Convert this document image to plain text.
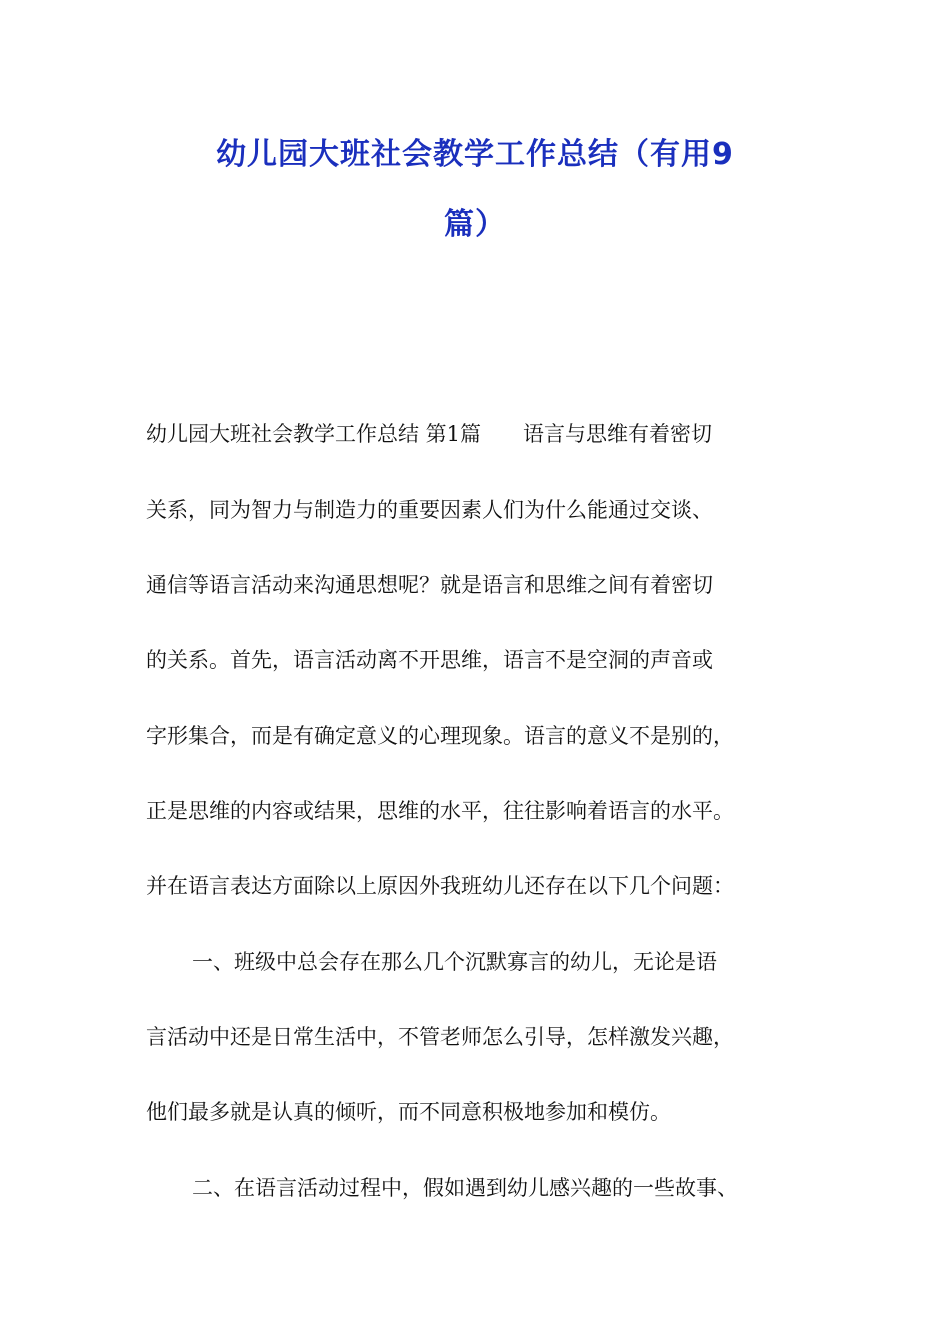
幼儿园大班社会教学工作总结（有用9
篇）
幼儿园大班社会教学工作总结 第1篇　　语言与思维有着密切
关系，同为智力与制造力的重要因素人们为什么能通过交谈、
通信等语言活动来沟通思想呢？就是语言和思维之间有着密切
的关系。首先，语言活动离不开思维，语言不是空洞的声音或
字形集合，而是有确定意义的心理现象。语言的意义不是别的，
正是思维的内容或结果，思维的水平，往往影响着语言的水平。
并在语言表达方面除以上原因外我班幼儿还存在以下几个问题：
一、班级中总会存在那么几个沉默寡言的幼儿，无论是语
言活动中还是日常生活中，不管老师怎么引导，怎样激发兴趣，
他们最多就是认真的倾听，而不同意积极地参加和模仿。
二、在语言活动过程中，假如遇到幼儿感兴趣的一些故事、
